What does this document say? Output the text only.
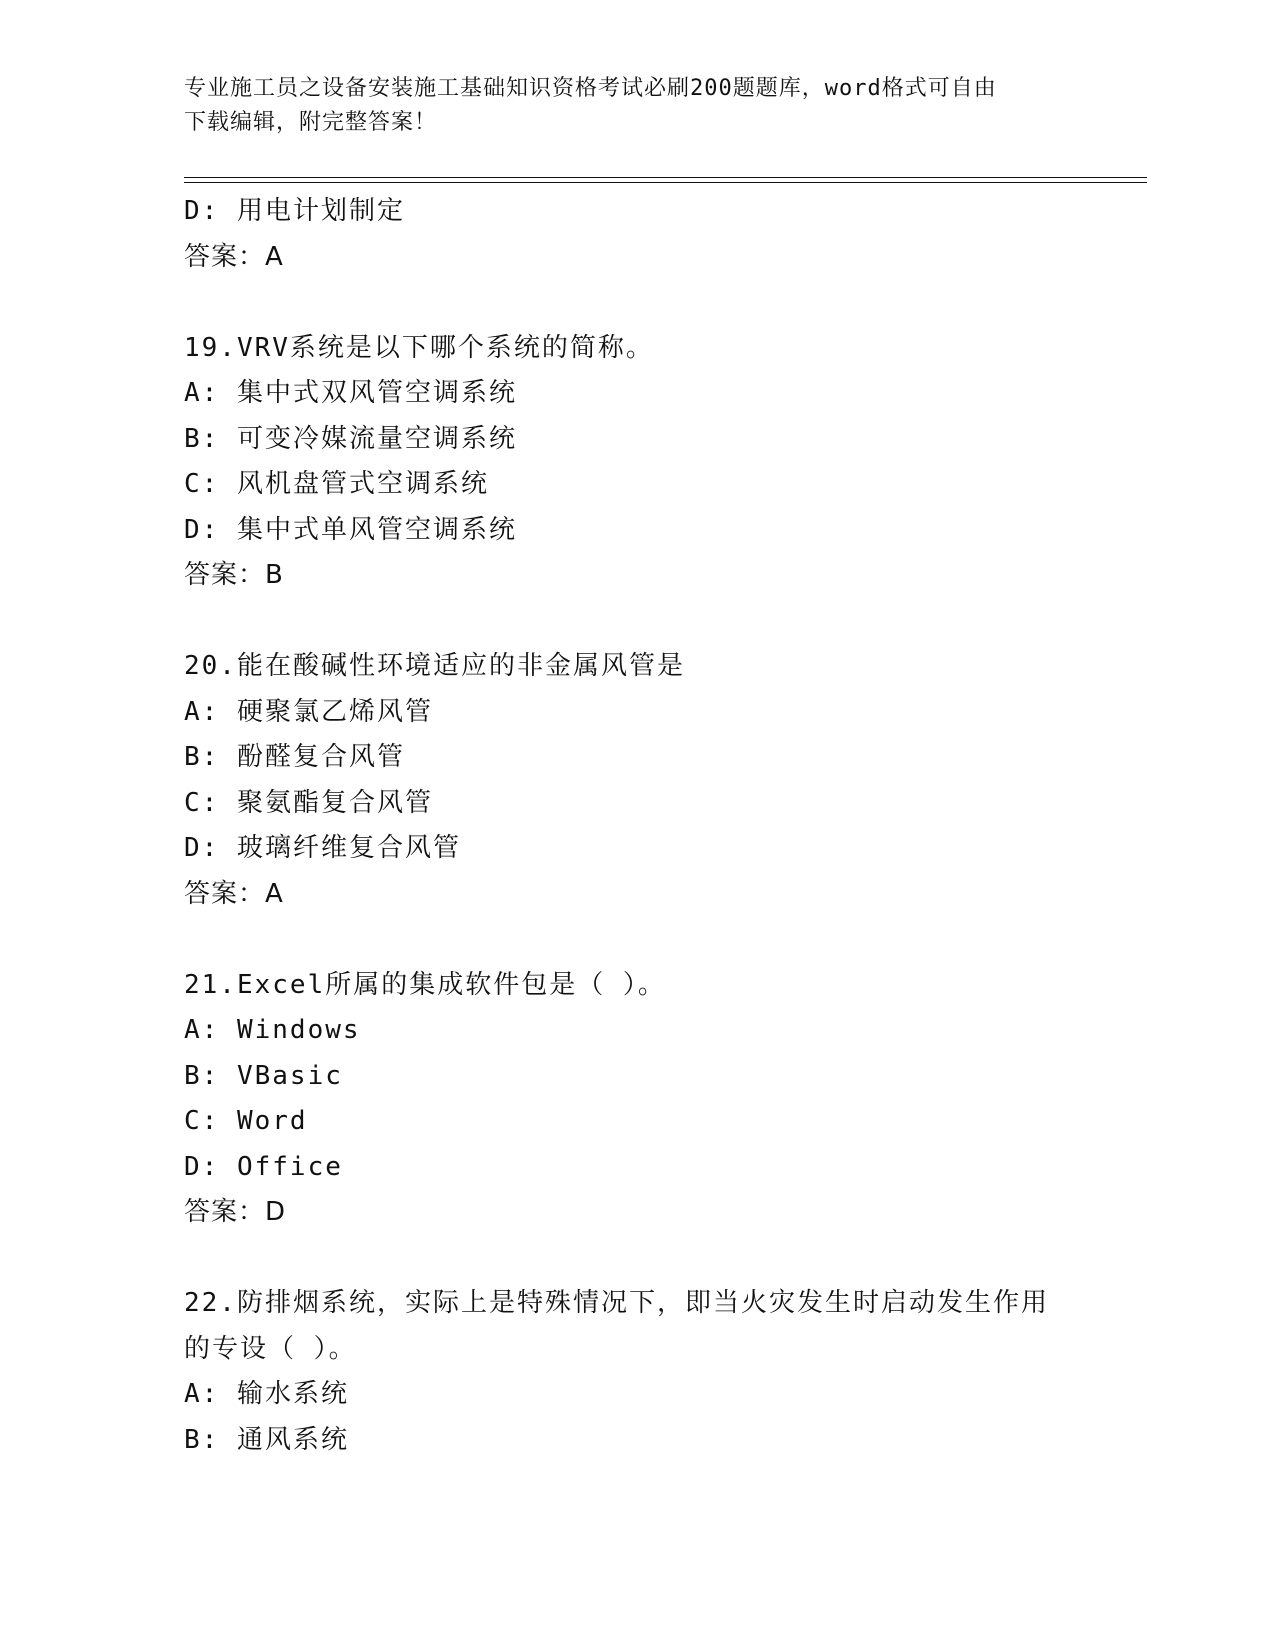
专业施工员之设备安装施工基础知识资格考试必刷200题题库，word格式可自由
下载编辑，附完整答案！
D: 用电计划制定
答案：A
19.VRV系统是以下哪个系统的简称。
A: 集中式双风管空调系统
B: 可变冷媒流量空调系统
C: 风机盘管式空调系统
D: 集中式单风管空调系统
答案：B
20.能在酸碱性环境适应的非金属风管是
A: 硬聚氯乙烯风管
B: 酚醛复合风管
C: 聚氨酯复合风管
D: 玻璃纤维复合风管
答案：A
21.Excel所属的集成软件包是（ ）。
A: Windows
B: VBasic
C: Word
D: Office
答案：D
22.防排烟系统，实际上是特殊情况下，即当火灾发生时启动发生作用
的专设（ ）。
A: 输水系统
B: 通风系统
